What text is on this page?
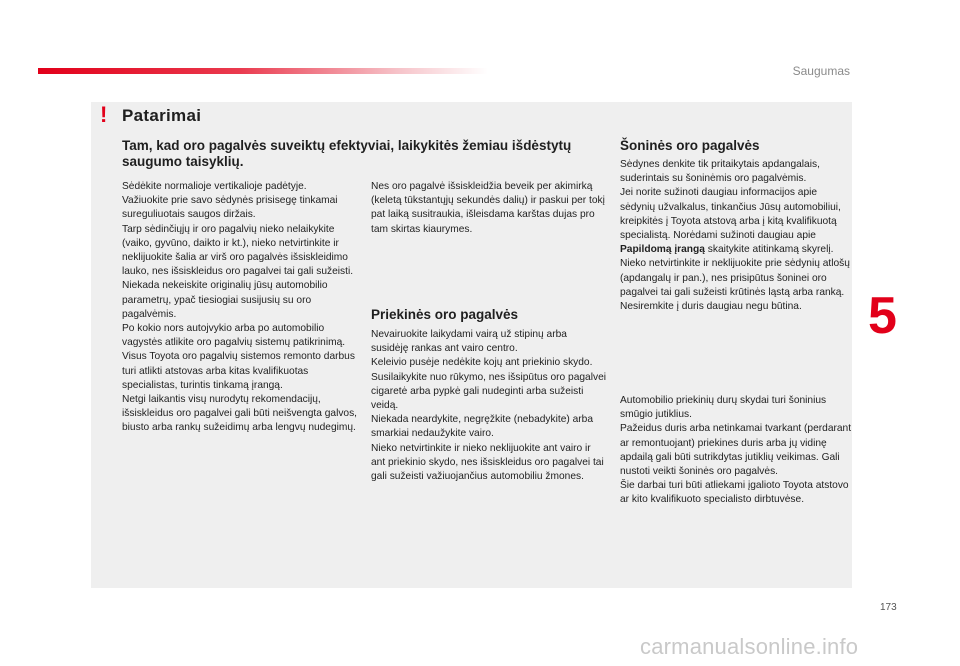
Saugumas
5
173
! Patarimai
Tam, kad oro pagalvės suveiktų efektyviai, laikykitės žemiau išdėstytų saugumo taisyklių.
Sėdėkite normalioje vertikalioje padėtyje.
Važiuokite prie savo sėdynės prisisegę tinkamai sureguliuotais saugos diržais.
Tarp sėdinčiųjų ir oro pagalvių nieko nelaikykite (vaiko, gyvūno, daikto ir kt.), nieko netvirtinkite ir neklijuokite šalia ar virš oro pagalvės išsiskleidimo lauko, nes išsiskleidus oro pagalvei tai gali sužeisti.
Niekada nekeiskite originalių jūsų automobilio parametrų, ypač tiesiogiai susijusių su oro pagalvėmis.
Po kokio nors autojvykio arba po automobilio vagystės atlikite oro pagalvių sistemų patikrinimą.
Visus Toyota oro pagalvių sistemos remonto darbus turi atlikti atstovas arba kitas kvalifikuotas specialistas, turintis tinkamą įrangą.
Netgi laikantis visų nurodytų rekomendacijų, išsiskleidus oro pagalvei gali būti neišvengta galvos, biusto arba rankų sužeidimų arba lengvų nudegimų.
Nes oro pagalvė išsiskleidžia beveik per akimirką (keletą tūkstantųjų sekundės dalių) ir paskui per tokį pat laiką susitraukia, išleisdama karštas dujas pro tam skirtas kiaurymes.
Priekinės oro pagalvės
Nevairuokite laikydami vairą už stipinų arba susidėję rankas ant vairo centro.
Keleivio pusėje nedėkite kojų ant priekinio skydo.
Susilaikykite nuo rūkymo, nes išsipūtus oro pagalvei cigaretė arba pypkė gali nudeginti arba sužeisti veidą.
Niekada neardykite, negręžkite (nebadykite) arba smarkiai nedaužykite vairo.
Nieko netvirtinkite ir nieko neklijuokite ant vairo ir ant priekinio skydo, nes išsiskleidus oro pagalvei tai gali sužeisti važiuojančius automobiliu žmones.
Šoninės oro pagalvės
Sėdynes denkite tik pritaikytais apdangalais, suderintais su šoninėmis oro pagalvėmis.
Jei norite sužinoti daugiau informacijos apie sėdynių užvalkalus, tinkančius Jūsų automobiliui, kreipkitės į Toyota atstovą arba į kitą kvalifikuotą specialistą. Norėdami sužinoti daugiau apie Papildomą įrangą skaitykite atitinkamą skyrelį.
Nieko netvirtinkite ir neklijuokite prie sėdynių atlošų (apdangalų ir pan.), nes prisipūtus šoninei oro pagalvei tai gali sužeisti krūtinės ląstą arba ranką.
Nesiremkite į duris daugiau negu būtina.
Automobilio priekinių durų skydai turi šoninius smūgio jutiklius.
Pažeidus duris arba netinkamai tvarkant (perdarant ar remontuojant) priekines duris arba jų vidinę apdailą gali būti sutrikdytas jutiklių veikimas. Gali nustoti veikti šoninės oro pagalvės.
Šie darbai turi būti atliekami įgalioto Toyota atstovo ar kito kvalifikuoto specialisto dirbtuvėse.
carmanualsonline.info
